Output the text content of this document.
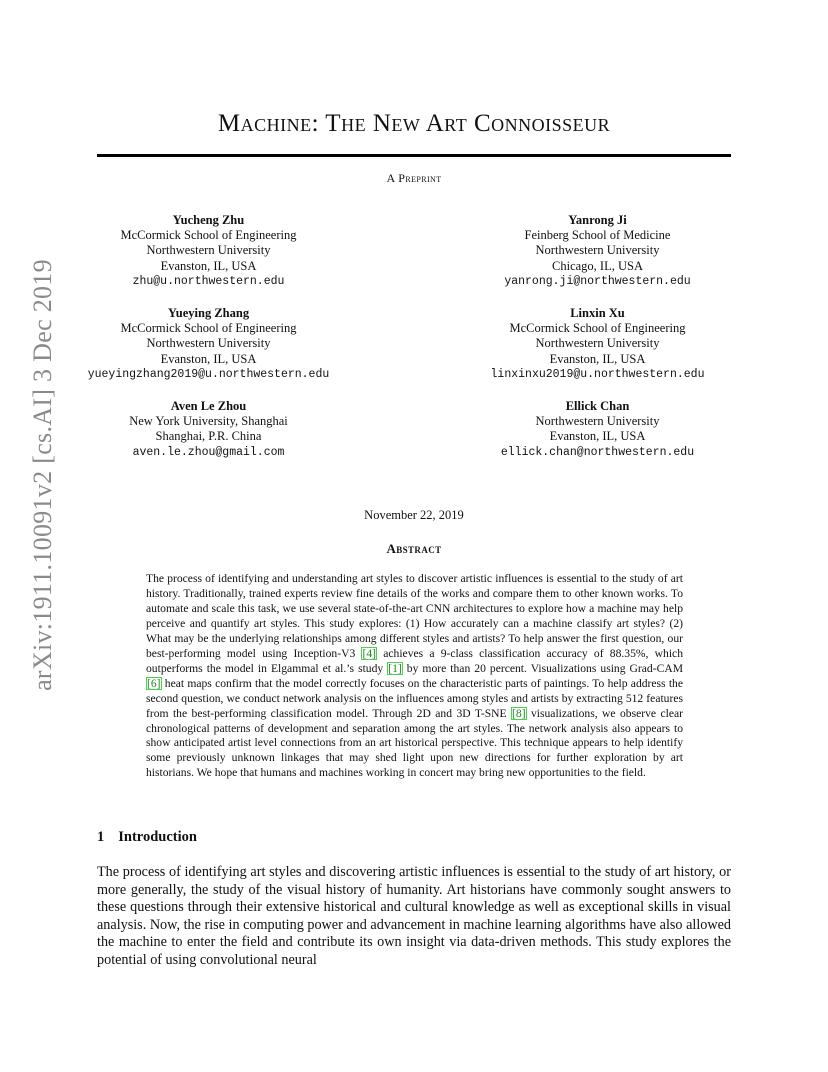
arXiv:1911.10091v2 [cs.AI] 3 Dec 2019
Machine: The New Art Connoisseur
A Preprint
Yucheng Zhu
McCormick School of Engineering
Northwestern University
Evanston, IL, USA
zhu@u.northwestern.edu
Yanrong Ji
Feinberg School of Medicine
Northwestern University
Chicago, IL, USA
yanrong.ji@northwestern.edu
Yueying Zhang
McCormick School of Engineering
Northwestern University
Evanston, IL, USA
yueyingzhang2019@u.northwestern.edu
Linxin Xu
McCormick School of Engineering
Northwestern University
Evanston, IL, USA
linxinxu2019@u.northwestern.edu
Aven Le Zhou
New York University, Shanghai
Shanghai, P.R. China
aven.le.zhou@gmail.com
Ellick Chan
Northwestern University
Evanston, IL, USA
ellick.chan@northwestern.edu
November 22, 2019
Abstract
The process of identifying and understanding art styles to discover artistic influences is essential to the study of art history. Traditionally, trained experts review fine details of the works and compare them to other known works. To automate and scale this task, we use several state-of-the-art CNN architectures to explore how a machine may help perceive and quantify art styles. This study explores: (1) How accurately can a machine classify art styles? (2) What may be the underlying relationships among different styles and artists? To help answer the first question, our best-performing model using Inception-V3 [4] achieves a 9-class classification accuracy of 88.35%, which outperforms the model in Elgammal et al.’s study [1] by more than 20 percent. Visualizations using Grad-CAM [6] heat maps confirm that the model correctly focuses on the characteristic parts of paintings. To help address the second question, we conduct network analysis on the influences among styles and artists by extracting 512 features from the best-performing classification model. Through 2D and 3D T-SNE [8] visualizations, we observe clear chronological patterns of development and separation among the art styles. The network analysis also appears to show anticipated artist level connections from an art historical perspective. This technique appears to help identify some previously unknown linkages that may shed light upon new directions for further exploration by art historians. We hope that humans and machines working in concert may bring new opportunities to the field.
1 Introduction
The process of identifying art styles and discovering artistic influences is essential to the study of art history, or more generally, the study of the visual history of humanity. Art historians have commonly sought answers to these questions through their extensive historical and cultural knowledge as well as exceptional skills in visual analysis. Now, the rise in computing power and advancement in machine learning algorithms have also allowed the machine to enter the field and contribute its own insight via data-driven methods. This study explores the potential of using convolutional neural
